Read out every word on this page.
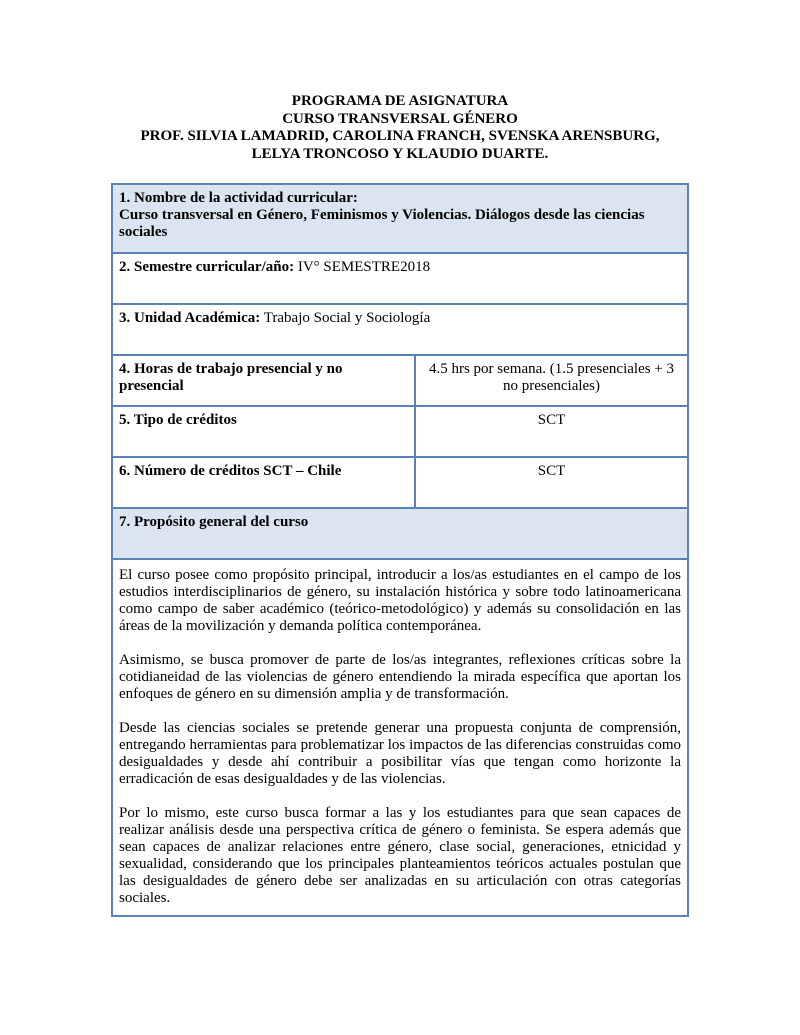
PROGRAMA DE ASIGNATURA
CURSO TRANSVERSAL GÉNERO
PROF. SILVIA LAMADRID, CAROLINA FRANCH, SVENSKA ARENSBURG,
LELYA TRONCOSO Y KLAUDIO DUARTE.
1. Nombre de la actividad curricular:
Curso transversal en Género, Feminismos y Violencias. Diálogos desde las ciencias sociales	
2. Semestre curricular/año: IV° SEMESTRE2018	
3. Unidad Académica: Trabajo Social y Sociología	
4. Horas de trabajo presencial y no presencial	4.5 hrs por semana. (1.5 presenciales + 3 no presenciales)
5. Tipo de créditos	SCT
6. Número de créditos SCT – Chile	SCT
7. Propósito general del curso	

El curso posee como propósito principal, introducir a los/as estudiantes en el campo de los estudios interdisciplinarios de género, su instalación histórica y sobre todo latinoamericana como campo de saber académico (teórico-metodológico) y además su consolidación en las áreas de la movilización y demanda política contemporánea.

Asimismo, se busca promover de parte de los/as integrantes, reflexiones críticas sobre la cotidianeidad de las violencias de género entendiendo la mirada específica que aportan los enfoques de género en su dimensión amplia y de transformación.

Desde las ciencias sociales se pretende generar una propuesta conjunta de comprensión, entregando herramientas para problematizar los impactos de las diferencias construidas como desigualdades y desde ahí contribuir a posibilitar vías que tengan como horizonte la erradicación de esas desigualdades y de las violencias.

Por lo mismo, este curso busca formar a las y los estudiantes para que sean capaces de realizar análisis desde una perspectiva crítica de género o feminista. Se espera además que sean capaces de analizar relaciones entre género, clase social, generaciones, etnicidad y sexualidad, considerando que los principales planteamientos teóricos actuales postulan que las desigualdades de género debe ser analizadas en su articulación con otras categorías sociales.	
